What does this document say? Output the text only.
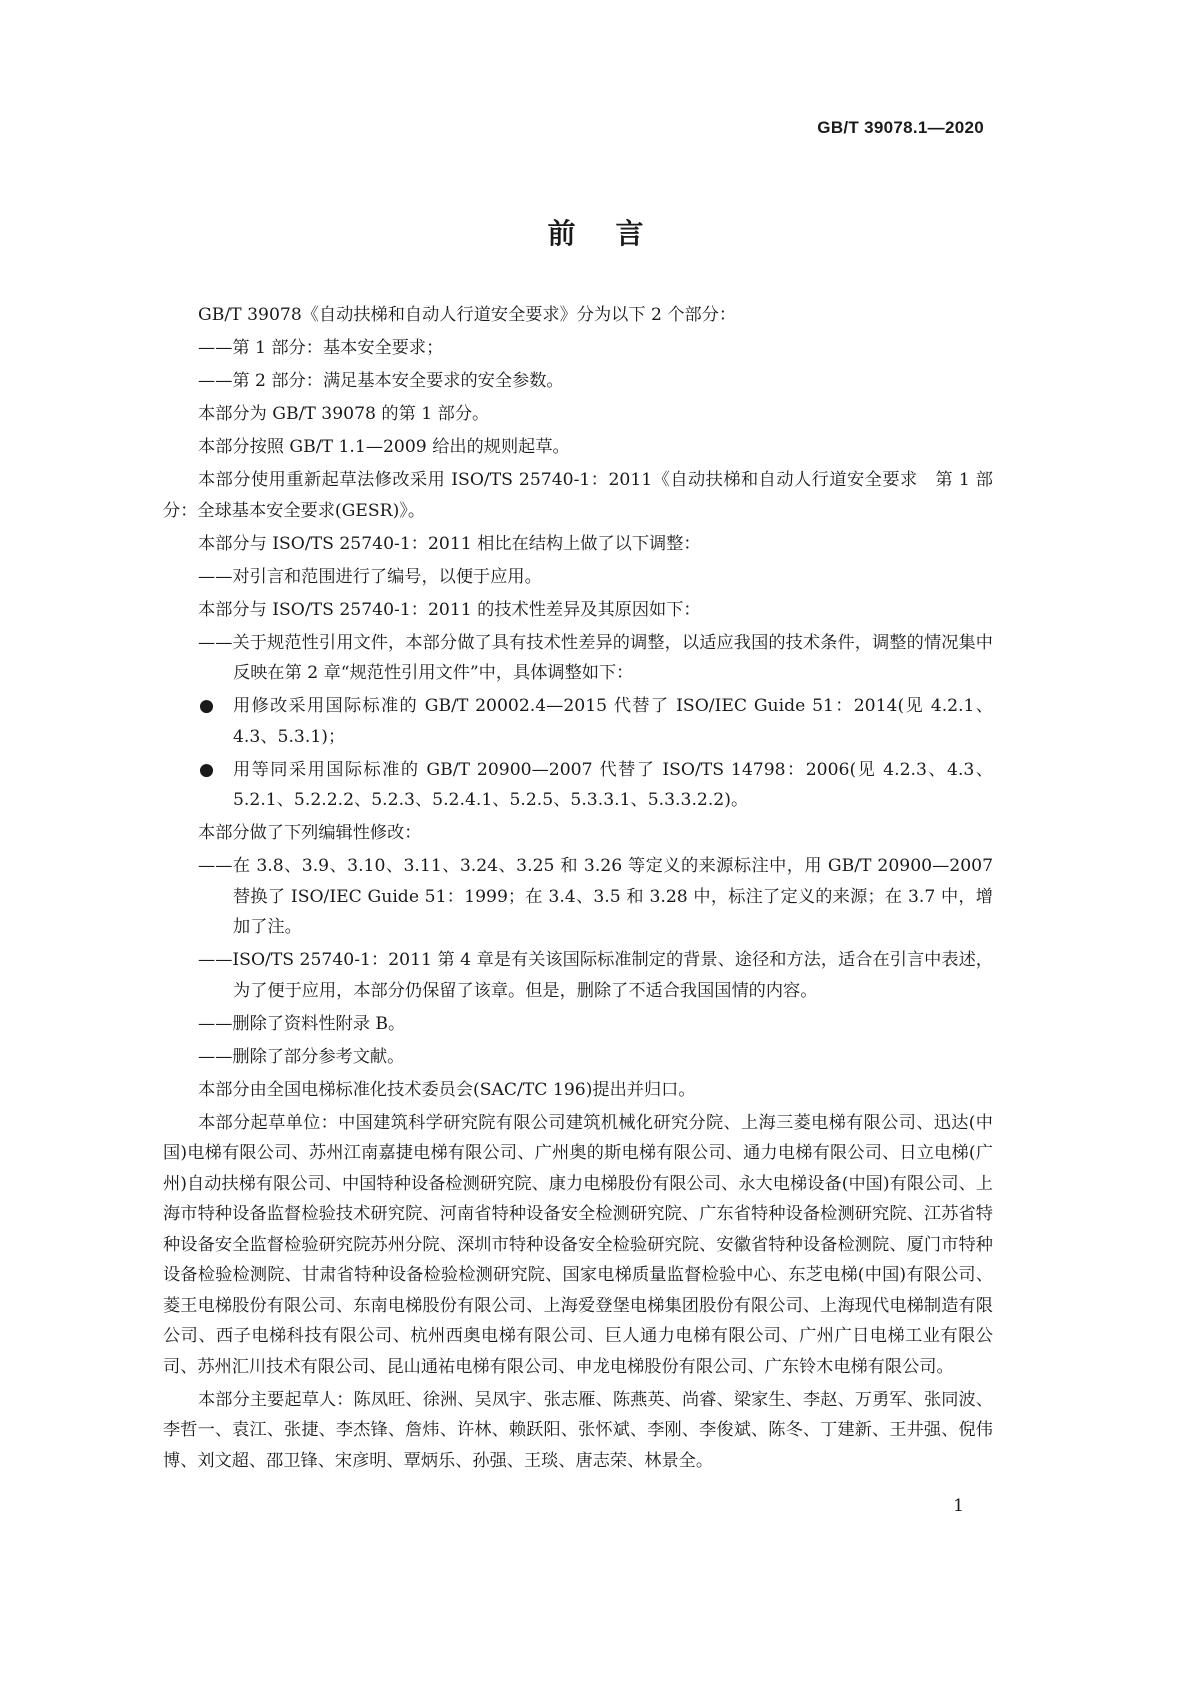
GB/T 39078.1—2020
前言

GB/T 39078《自动扶梯和自动人行道安全要求》分为以下 2 个部分：

——第 1 部分：基本安全要求；

——第 2 部分：满足基本安全要求的安全参数。

本部分为 GB/T 39078 的第 1 部分。

本部分按照 GB/T 1.1—2009 给出的规则起草。

本部分使用重新起草法修改采用 ISO/TS 25740-1：2011《自动扶梯和自动人行道安全要求　第 1 部分：全球基本安全要求(GESR)》。

本部分与 ISO/TS 25740-1：2011 相比在结构上做了以下调整：

——对引言和范围进行了编号，以便于应用。

本部分与 ISO/TS 25740-1：2011 的技术性差异及其原因如下：

——关于规范性引用文件，本部分做了具有技术性差异的调整，以适应我国的技术条件，调整的情况集中反映在第 2 章“规范性引用文件”中，具体调整如下：

● 用修改采用国际标准的 GB/T 20002.4—2015 代替了 ISO/IEC Guide 51：2014(见 4.2.1、4.3、5.3.1)；

● 用等同采用国际标准的 GB/T 20900—2007 代替了 ISO/TS 14798：2006(见 4.2.3、4.3、5.2.1、5.2.2.2、5.2.3、5.2.4.1、5.2.5、5.3.3.1、5.3.3.2.2)。

本部分做了下列编辑性修改：

——在 3.8、3.9、3.10、3.11、3.24、3.25 和 3.26 等定义的来源标注中，用 GB/T 20900—2007 替换了 ISO/IEC Guide 51：1999；在 3.4、3.5 和 3.28 中，标注了定义的来源；在 3.7 中，增加了注。

——ISO/TS 25740-1：2011 第 4 章是有关该国际标准制定的背景、途径和方法，适合在引言中表述，为了便于应用，本部分仍保留了该章。但是，删除了不适合我国国情的内容。

——删除了资料性附录 B。

——删除了部分参考文献。

本部分由全国电梯标准化技术委员会(SAC/TC 196)提出并归口。

本部分起草单位：中国建筑科学研究院有限公司建筑机械化研究分院、上海三菱电梯有限公司、迅达(中国)电梯有限公司、苏州江南嘉捷电梯有限公司、广州奥的斯电梯有限公司、通力电梯有限公司、日立电梯(广州)自动扶梯有限公司、中国特种设备检测研究院、康力电梯股份有限公司、永大电梯设备(中国)有限公司、上海市特种设备监督检验技术研究院、河南省特种设备安全检测研究院、广东省特种设备检测研究院、江苏省特种设备安全监督检验研究院苏州分院、深圳市特种设备安全检验研究院、安徽省特种设备检测院、厦门市特种设备检验检测院、甘肃省特种设备检验检测研究院、国家电梯质量监督检验中心、东芝电梯(中国)有限公司、菱王电梯股份有限公司、东南电梯股份有限公司、上海爱登堡电梯集团股份有限公司、上海现代电梯制造有限公司、西子电梯科技有限公司、杭州西奥电梯有限公司、巨人通力电梯有限公司、广州广日电梯工业有限公司、苏州汇川技术有限公司、昆山通祐电梯有限公司、申龙电梯股份有限公司、广东铃木电梯有限公司。

本部分主要起草人：陈凤旺、徐洲、吴凤宇、张志雁、陈燕英、尚睿、梁家生、李赵、万勇军、张同波、李哲一、袁江、张捷、李杰锋、詹炜、许林、赖跃阳、张怀斌、李刚、李俊斌、陈冬、丁建新、王井强、倪伟博、刘文超、邵卫锋、宋彦明、覃炳乐、孙强、王琰、唐志荣、林景全。

1
